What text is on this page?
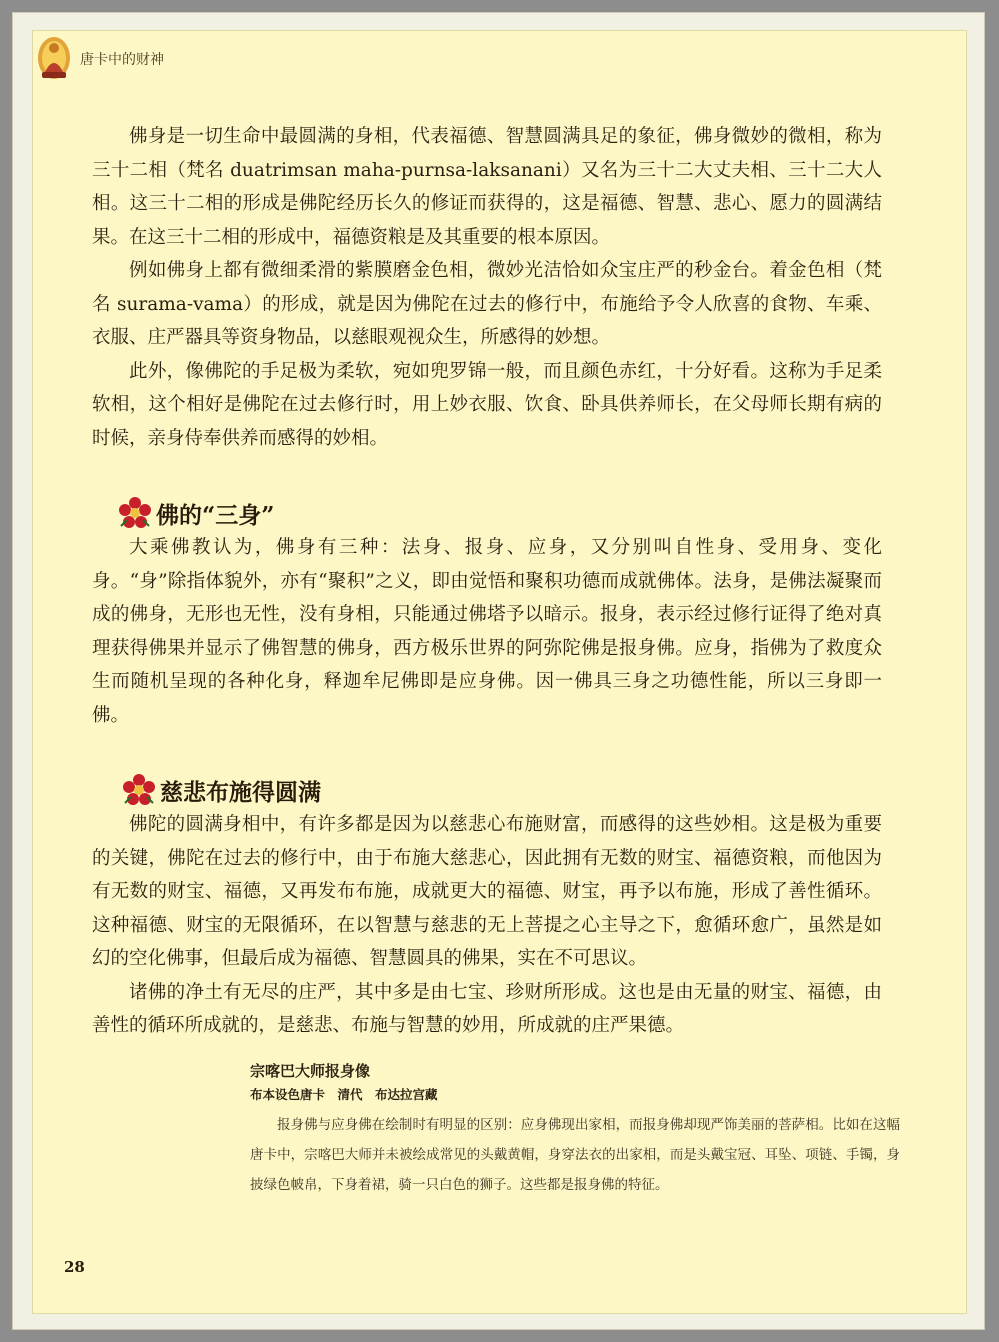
唐卡中的财神

佛身是一切生命中最圆满的身相，代表福德、智慧圆满具足的象征，佛身微妙的微相，称为三十二相（梵名 duatrimsan maha-purnsa-laksanani）又名为三十二大丈夫相、三十二大人相。这三十二相的形成是佛陀经历长久的修证而获得的，这是福德、智慧、悲心、愿力的圆满结果。在这三十二相的形成中，福德资粮是及其重要的根本原因。

例如佛身上都有微细柔滑的紫膜磨金色相，微妙光洁恰如众宝庄严的秒金台。着金色相（梵名 surama-vama）的形成，就是因为佛陀在过去的修行中，布施给予令人欣喜的食物、车乘、衣服、庄严器具等资身物品，以慈眼观视众生，所感得的妙想。

此外，像佛陀的手足极为柔软，宛如兜罗锦一般，而且颜色赤红，十分好看。这称为手足柔软相，这个相好是佛陀在过去修行时，用上妙衣服、饮食、卧具供养师长，在父母师长期有病的时候，亲身侍奉供养而感得的妙相。

佛的“三身”

大乘佛教认为，佛身有三种：法身、报身、应身，又分别叫自性身、受用身、变化身。“身”除指体貌外，亦有“聚积”之义，即由觉悟和聚积功德而成就佛体。法身，是佛法凝聚而成的佛身，无形也无性，没有身相，只能通过佛塔予以暗示。报身，表示经过修行证得了绝对真理获得佛果并显示了佛智慧的佛身，西方极乐世界的阿弥陀佛是报身佛。应身，指佛为了救度众生而随机呈现的各种化身，释迦牟尼佛即是应身佛。因一佛具三身之功德性能，所以三身即一佛。

慈悲布施得圆满

佛陀的圆满身相中，有许多都是因为以慈悲心布施财富，而感得的这些妙相。这是极为重要的关键，佛陀在过去的修行中，由于布施大慈悲心，因此拥有无数的财宝、福德资粮，而他因为有无数的财宝、福德，又再发布布施，成就更大的福德、财宝，再予以布施，形成了善性循环。这种福德、财宝的无限循环，在以智慧与慈悲的无上菩提之心主导之下，愈循环愈广，虽然是如幻的空化佛事，但最后成为福德、智慧圆具的佛果，实在不可思议。

诸佛的净土有无尽的庄严，其中多是由七宝、珍财所形成。这也是由无量的财宝、福德，由善性的循环所成就的，是慈悲、布施与智慧的妙用，所成就的庄严果德。

宗喀巴大师报身像
布本设色唐卡　清代　布达拉宫藏

报身佛与应身佛在绘制时有明显的区别：应身佛现出家相，而报身佛却现严饰美丽的菩萨相。比如在这幅唐卡中，宗喀巴大师并未被绘成常见的头戴黄帽，身穿法衣的出家相，而是头戴宝冠、耳坠、项链、手镯，身披绿色帔帛，下身着裙，骑一只白色的狮子。这些都是报身佛的特征。

28
